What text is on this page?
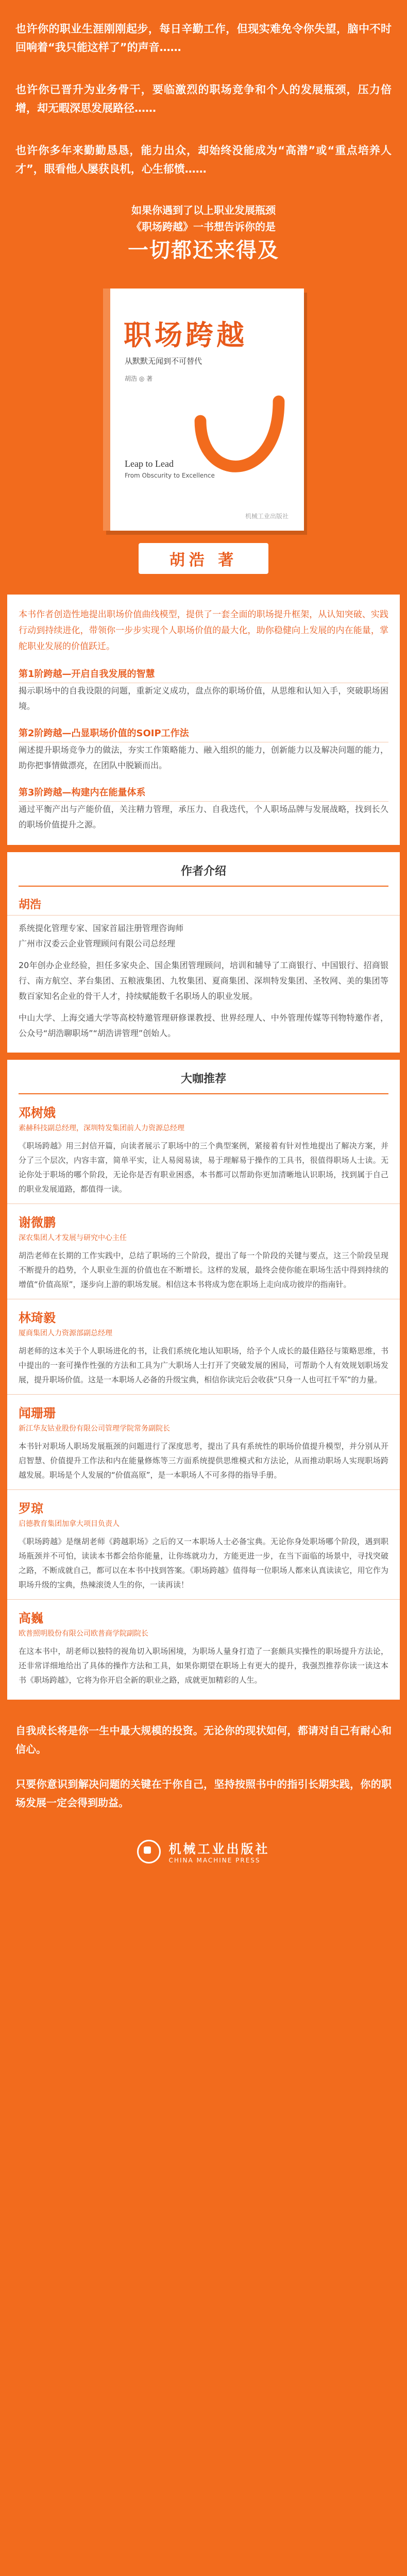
也许你的职业生涯刚刚起步，每日辛勤工作，但现实难免令你失望，脑中不时回响着“我只能这样了”的声音……

也许你已晋升为业务骨干，要临激烈的职场竞争和个人的发展瓶颈，压力倍增，却无暇深思发展路径……

也许你多年来勤勤恳恳，能力出众，却始终没能成为“高潜”或“重点培养人才”，眼看他人屡获良机，心生郁愤……

如果你遇到了以上职业发展瓶颈
《职场跨越》一书想告诉你的是
一切都还来得及
职场跨越
从默默无闻到不可替代
胡浩 ◎ 著
Leap to Lead
From Obscurity to Excellence
机械工业出版社
胡浩 著

本书作者创造性地提出职场价值曲线模型，提供了一套全面的职场提升框架，从认知突破、实践行动到持续进化，带领你一步步实现个人职场价值的最大化，助你稳健向上发展的内在能量，掌舵职业发展的价值跃迁。

第1阶跨越—开启自我发展的智慧
揭示职场中的自我设限的问题，重新定义成功，盘点你的职场价值，从思维和认知入手，突破职场困境。
第2阶跨越—凸显职场价值的SOIP工作法
阐述提升职场竞争力的做法，夯实工作策略能力、融入组织的能力，创新能力以及解决问题的能力，助你把事情做漂亮，在团队中脱颖而出。
第3阶跨越—构建内在能量体系
通过平衡产出与产能价值，关注精力管理，承压力、自我迭代，个人职场品牌与发展战略，找到长久的职场价值提升之源。
作者介绍
胡浩

系统提化管理专家、国家首届注册管理咨询师

广州市汉委云企业管理顾问有限公司总经理

20年创办企业经验，担任多家央企、国企集团管理顾问，培训和辅导了工商银行、中国银行、招商银行、南方航空、茅台集团、五粮液集团、九牧集团、夏商集团、深圳特发集团、圣牧网、美的集团等数百家知名企业的骨干人才，持续赋能数千名职场人的职业发展。

中山大学、上海交通大学等高校特邀管理研修课教授、世界经理人、中外管理传媒等刊物特邀作者，公众号“胡浩聊职场”“胡浩讲管理”创始人。

大咖推荐
邓树娥
素赫科技副总经理，深圳特发集团前人力资源总经理
《职场跨越》用三封信开篇，向读者展示了职场中的三个典型案例，紧接着有针对性地提出了解决方案，并分了三个层次，内容丰富，简单平实，让人易阅易读，易于理解易于操作的工具书，很值得职场人士读。无论你处于职场的哪个阶段，无论你是否有职业困惑，本书都可以帮助你更加清晰地认识职场，找到属于自己的职业发展道路，都值得一读。
谢微鹏
深农集团人才发展与研究中心主任
胡浩老师在长期的工作实践中，总结了职场的三个阶段，提出了每一个阶段的关键与要点，这三个阶段呈现不断提升的趋势，个人职业生涯的价值也在不断增长。这样的发展，最终会使你能在职场生活中得到持续的增值“价值高原”，逐步向上游的职场发展。相信这本书将成为您在职场上走向成功彼岸的指南针。
林琦毅
厦商集团人力资源部副总经理
胡老师的这本关于个人职场进化的书，让我们系统化地认知职场，给予个人成长的最佳路径与策略思维，书中提出的一套可操作性强的方法和工具为广大职场人士打开了突破发展的困局，可帮助个人有效规划职场发展，提升职场价值。这是一本职场人必备的升级宝典，相信你读完后会收获“只身一人也可扛千军”的力量。
闻珊珊
新江华友钴业股份有限公司管理学院常务副院长
本书针对职场人职场发展瓶颈的问题进行了深度思考，提出了具有系统性的职场价值提升模型，并分别从开启智慧、价值提升工作法和内在能量修炼等三方面系统提供思维模式和方法论，从而推动职场人实现职场跨越发展。职场是个人发展的“价值高原”，是一本职场人不可多得的指导手册。
罗琼
启德教育集团加拿大项目负责人
《职场跨越》是继胡老师《跨越职场》之后的又一本职场人士必备宝典。无论你身处职场哪个阶段，遇到职场瓶颈并不可怕，读读本书都会给你能量，让你练就功力，方能更进一步，在当下面临的场景中，寻找突破之路，不断成就自己，都可以在本书中找到答案。《职场跨越》值得每一位职场人都来认真读读它，用它作为职场升级的宝典，热辣滚烫人生的你，一读再读！
高巍
欧普照明股份有限公司欧普商学院副院长
在这本书中，胡老师以独特的视角切入职场困境，为职场人量身打造了一套颇具实操性的职场提升方法论，还非常详细地给出了具体的操作方法和工具，如果你期望在职场上有更大的提升，我强烈推荐你读一读这本书《职场跨越》，它将为你开启全新的职业之路，成就更加精彩的人生。

自我成长将是你一生中最大规模的投资。无论你的现状如何，都请对自己有耐心和信心。

只要你意识到解决问题的关键在于你自己，坚持按照书中的指引长期实践，你的职场发展一定会得到助益。

机械工业出版社
CHINA MACHINE PRESS
